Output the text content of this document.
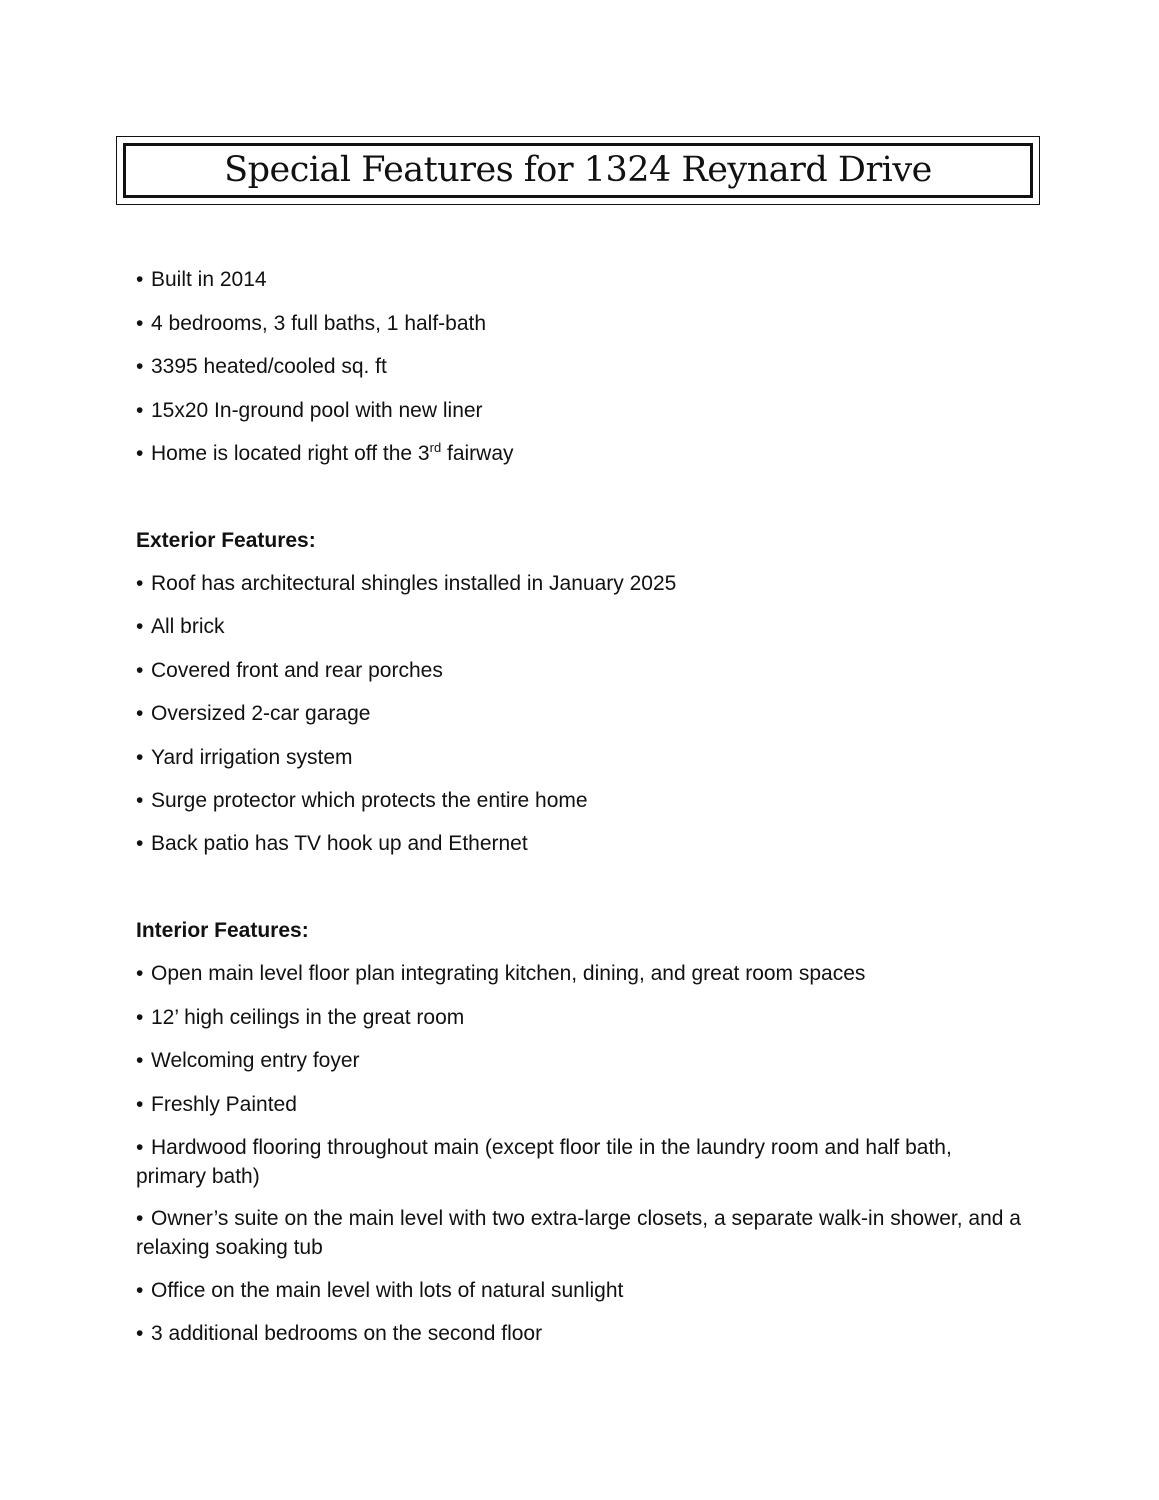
Special Features for 1324 Reynard Drive
• Built in 2014
• 4 bedrooms, 3 full baths, 1 half-bath
• 3395 heated/cooled sq. ft
• 15x20 In-ground pool with new liner
• Home is located right off the 3rd fairway
Exterior Features:
• Roof has architectural shingles installed in January 2025
• All brick
• Covered front and rear porches
• Oversized 2-car garage
• Yard irrigation system
• Surge protector which protects the entire home
• Back patio has TV hook up and Ethernet
Interior Features:
• Open main level floor plan integrating kitchen, dining, and great room spaces
• 12’ high ceilings in the great room
• Welcoming entry foyer
• Freshly Painted
• Hardwood flooring throughout main (except floor tile in the laundry room and half bath, primary bath)
• Owner’s suite on the main level with two extra-large closets, a separate walk-in shower, and a relaxing soaking tub
• Office on the main level with lots of natural sunlight
• 3 additional bedrooms on the second floor
